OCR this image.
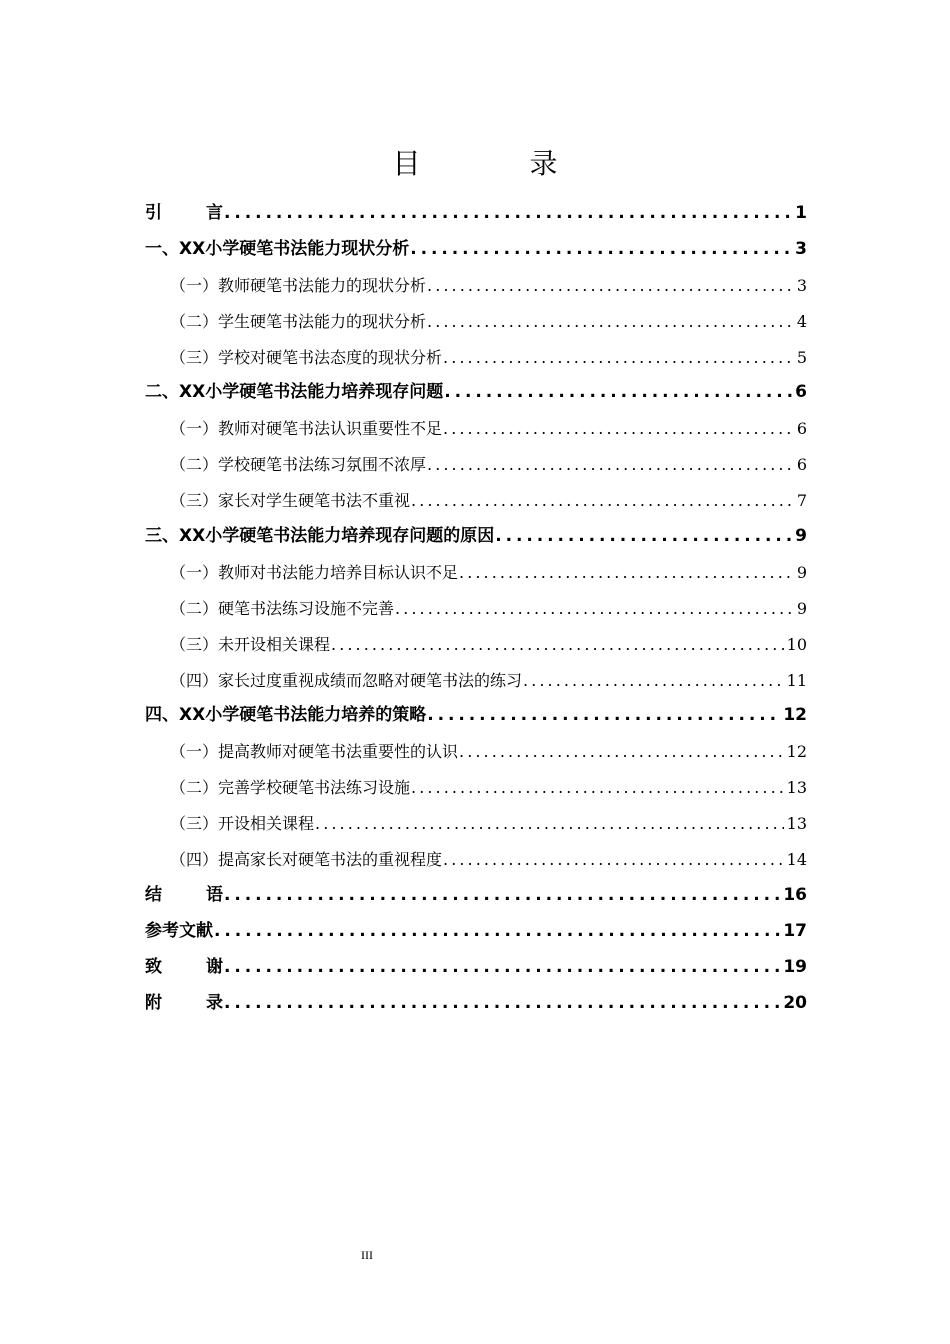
目 录
引言 . . .	1
一、XX小学硬笔书法能力现状分析 . . .	3
（一）教师硬笔书法能力的现状分析 . . .	3
（二）学生硬笔书法能力的现状分析 . . .	4
（三）学校对硬笔书法态度的现状分析 . . .	5
二、XX小学硬笔书法能力培养现存问题 . . .	6
（一）教师对硬笔书法认识重要性不足 . . .	6
（二）学校硬笔书法练习氛围不浓厚 . . .	6
（三）家长对学生硬笔书法不重视 . . .	7
三、XX小学硬笔书法能力培养现存问题的原因 . . .	9
（一）教师对书法能力培养目标认识不足 . . .	9
（二）硬笔书法练习设施不完善 . . .	9
（三）未开设相关课程 . . .	10
（四）家长过度重视成绩而忽略对硬笔书法的练习 . . .	11
四、XX小学硬笔书法能力培养的策略 . . .	12
（一）提高教师对硬笔书法重要性的认识 . . .	12
（二）完善学校硬笔书法练习设施 . . .	13
（三）开设相关课程 . . .	13
（四）提高家长对硬笔书法的重视程度 . . .	14
结语 . . .	16
参考文献 . . .	17
致谢 . . .	19
附录 . . .	20
III
